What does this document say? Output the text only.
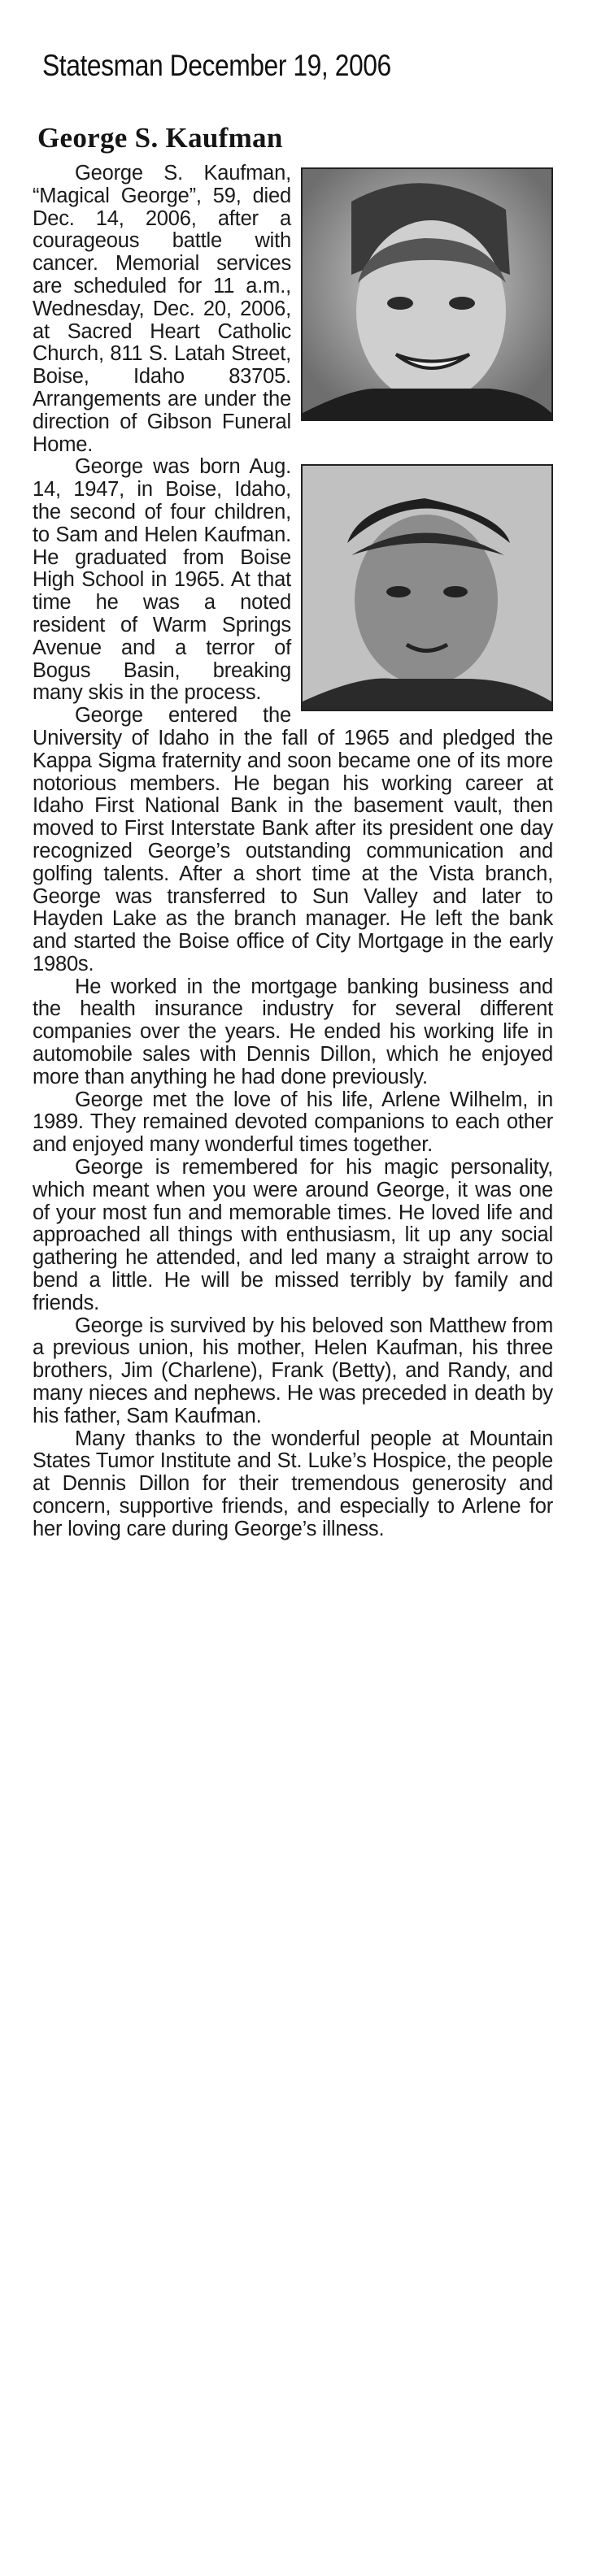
Statesman December 19, 2006
George S. Kaufman

George S. Kaufman, “Magical George”, 59, died Dec. 14, 2006, after a courageous battle with cancer. Memorial services are scheduled for 11 a.m., Wednesday, Dec. 20, 2006, at Sacred Heart Catholic Church, 811 S. Latah Street, Boise, Idaho 83705. Arrangements are under the direction of Gibson Funeral Home.

George was born Aug. 14, 1947, in Boise, Idaho, the second of four children, to Sam and Helen Kaufman. He graduated from Boise High School in 1965. At that time he was a noted resident of Warm Springs Avenue and a terror of Bogus Basin, breaking many skis in the process.

George entered the University of Idaho in the fall of 1965 and pledged the Kappa Sigma fraternity and soon became one of its more notorious members. He began his working career at Idaho First National Bank in the basement vault, then moved to First Interstate Bank after its president one day recognized George’s outstanding communication and golfing talents. After a short time at the Vista branch, George was transferred to Sun Valley and later to Hayden Lake as the branch manager. He left the bank and started the Boise office of City Mortgage in the early 1980s.

He worked in the mortgage banking business and the health insurance industry for several different companies over the years. He ended his working life in automobile sales with Dennis Dillon, which he enjoyed more than anything he had done previously.

George met the love of his life, Arlene Wilhelm, in 1989. They remained devoted companions to each other and enjoyed many wonderful times together.

George is remembered for his magic personality, which meant when you were around George, it was one of your most fun and memorable times. He loved life and approached all things with enthusiasm, lit up any social gathering he attended, and led many a straight arrow to bend a little. He will be missed terribly by family and friends.

George is survived by his beloved son Matthew from a previous union, his mother, Helen Kaufman, his three brothers, Jim (Charlene), Frank (Betty), and Randy, and many nieces and nephews. He was preceded in death by his father, Sam Kaufman.

Many thanks to the wonderful people at Mountain States Tumor Institute and St. Luke’s Hospice, the people at Dennis Dillon for their tremendous generosity and concern, supportive friends, and especially to Arlene for her loving care during George’s illness.
